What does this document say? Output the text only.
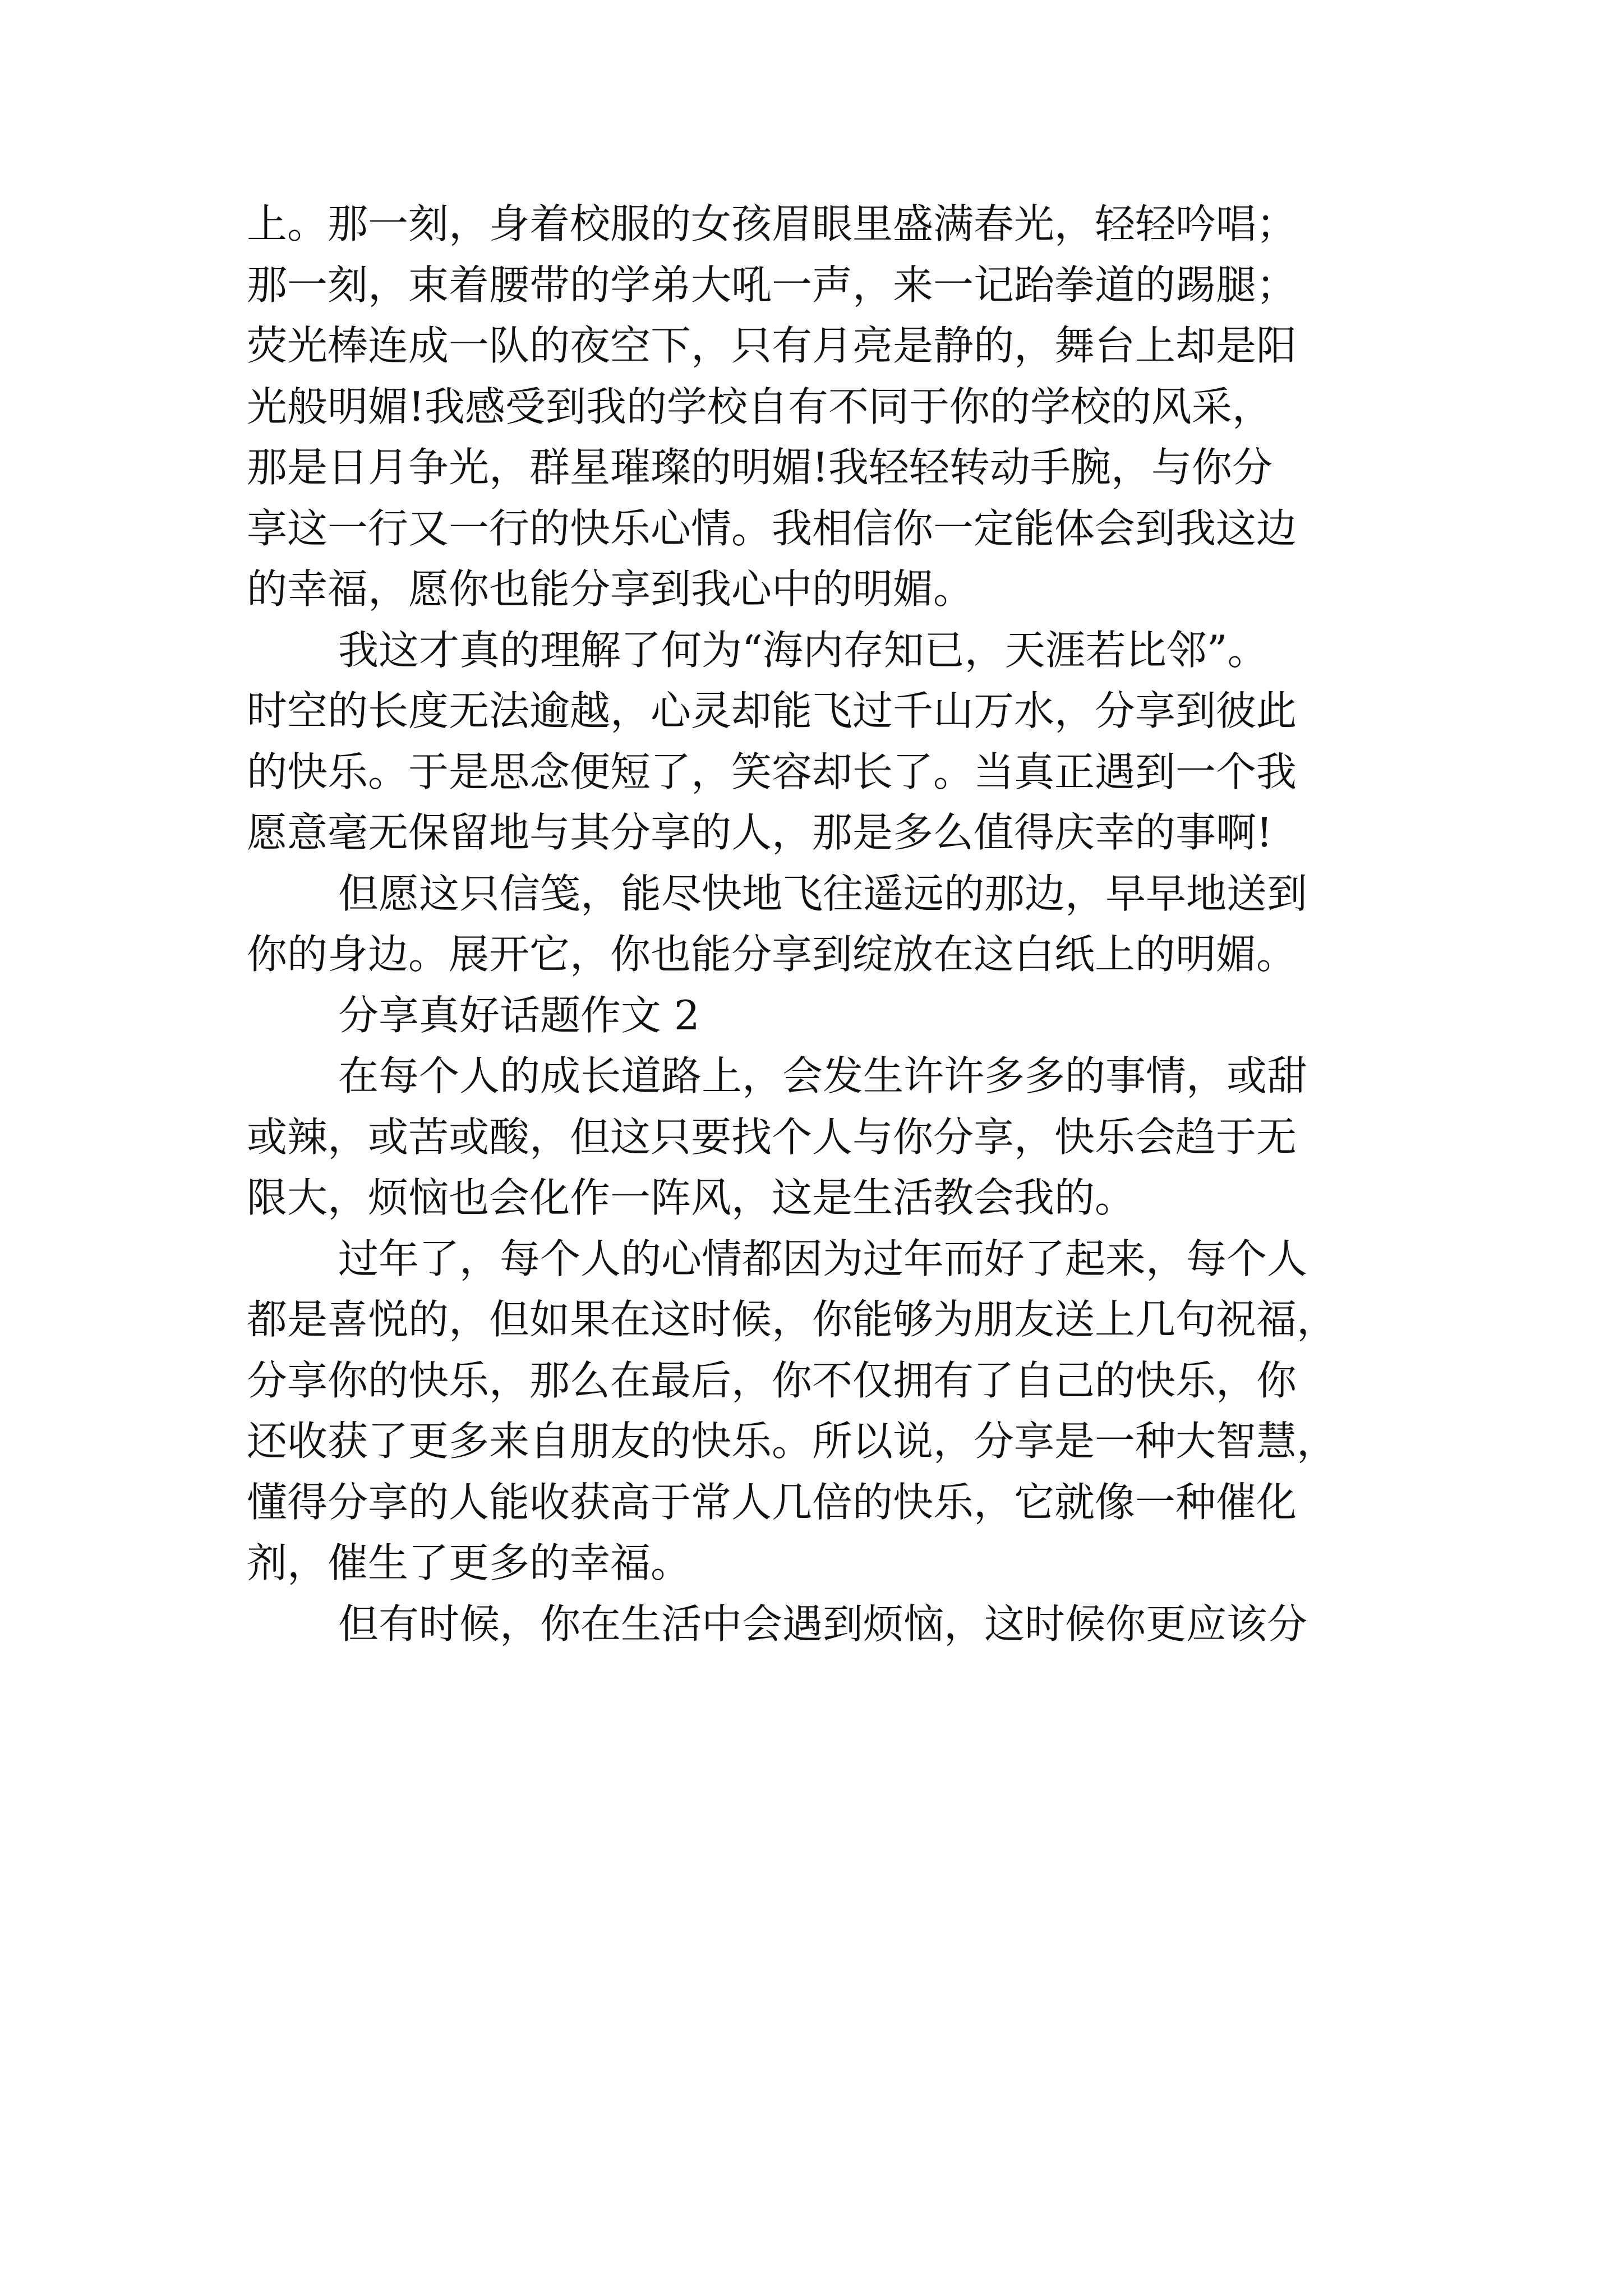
上。那一刻，身着校服的女孩眉眼里盛满春光，轻轻吟唱；
那一刻，束着腰带的学弟大吼一声，来一记跆拳道的踢腿；
荧光棒连成一队的夜空下，只有月亮是静的，舞台上却是阳
光般明媚!我感受到我的学校自有不同于你的学校的风采，
那是日月争光，群星璀璨的明媚!我轻轻转动手腕，与你分
享这一行又一行的快乐心情。我相信你一定能体会到我这边
的幸福，愿你也能分享到我心中的明媚。
我这才真的理解了何为“海内存知已，天涯若比邻”。
时空的长度无法逾越，心灵却能飞过千山万水，分享到彼此
的快乐。于是思念便短了，笑容却长了。当真正遇到一个我
愿意毫无保留地与其分享的人，那是多么值得庆幸的事啊!
但愿这只信笺，能尽快地飞往遥远的那边，早早地送到
你的身边。展开它，你也能分享到绽放在这白纸上的明媚。
分享真好话题作文 2
在每个人的成长道路上，会发生许许多多的事情，或甜
或辣，或苦或酸，但这只要找个人与你分享，快乐会趋于无
限大，烦恼也会化作一阵风，这是生活教会我的。
过年了，每个人的心情都因为过年而好了起来，每个人
都是喜悦的，但如果在这时候，你能够为朋友送上几句祝福，
分享你的快乐，那么在最后，你不仅拥有了自己的快乐，你
还收获了更多来自朋友的快乐。所以说，分享是一种大智慧，
懂得分享的人能收获高于常人几倍的快乐，它就像一种催化
剂，催生了更多的幸福。
但有时候，你在生活中会遇到烦恼，这时候你更应该分
